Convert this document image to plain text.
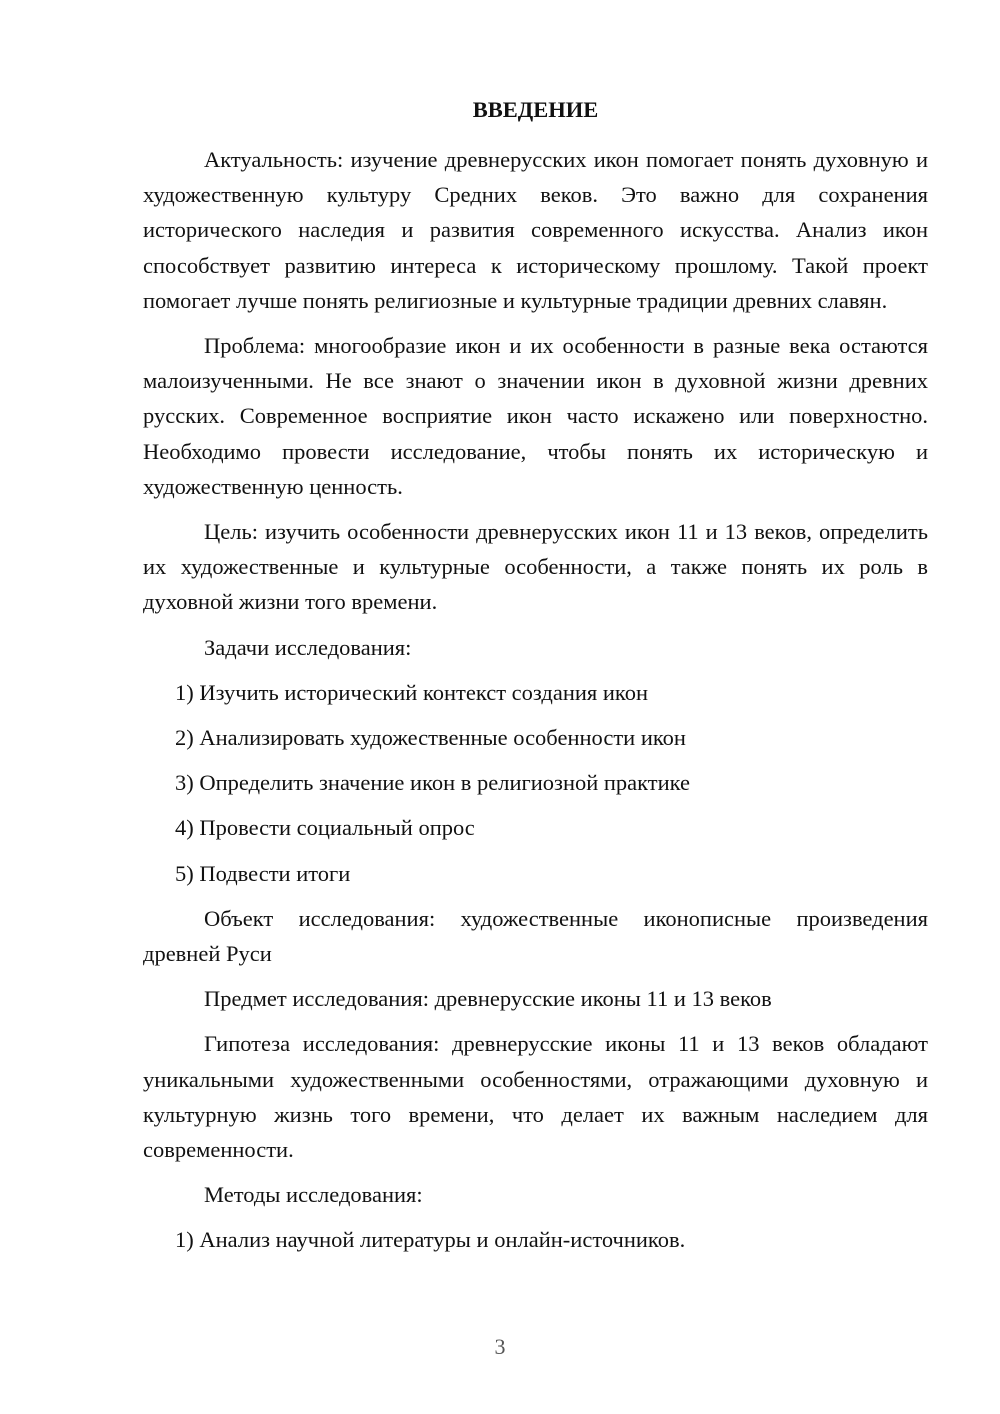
ВВЕДЕНИЕ
Актуальность: изучение древнерусских икон помогает понять духовную и художественную культуру Средних веков. Это важно для сохранения исторического наследия и развития современного искусства. Анализ икон способствует развитию интереса к историческому прошлому. Такой проект помогает лучше понять религиозные и культурные традиции древних славян.
Проблема: многообразие икон и их особенности в разные века остаются малоизученными. Не все знают о значении икон в духовной жизни древних русских. Современное восприятие икон часто искажено или поверхностно. Необходимо провести исследование, чтобы понять их историческую и художественную ценность.
Цель: изучить особенности древнерусских икон 11 и 13 веков, определить их художественные и культурные особенности, а также понять их роль в духовной жизни того времени.
Задачи исследования:
1) Изучить исторический контекст создания икон
2) Анализировать художественные особенности икон
3) Определить значение икон в религиозной практике
4) Провести социальный опрос
5) Подвести итоги
Объект исследования: художественные иконописные произведения древней Руси
Предмет исследования: древнерусские иконы 11 и 13 веков
Гипотеза исследования: древнерусские иконы 11 и 13 веков обладают уникальными художественными особенностями, отражающими духовную и культурную жизнь того времени, что делает их важным наследием для современности.
Методы исследования:
1) Анализ научной литературы и онлайн-источников.
3
